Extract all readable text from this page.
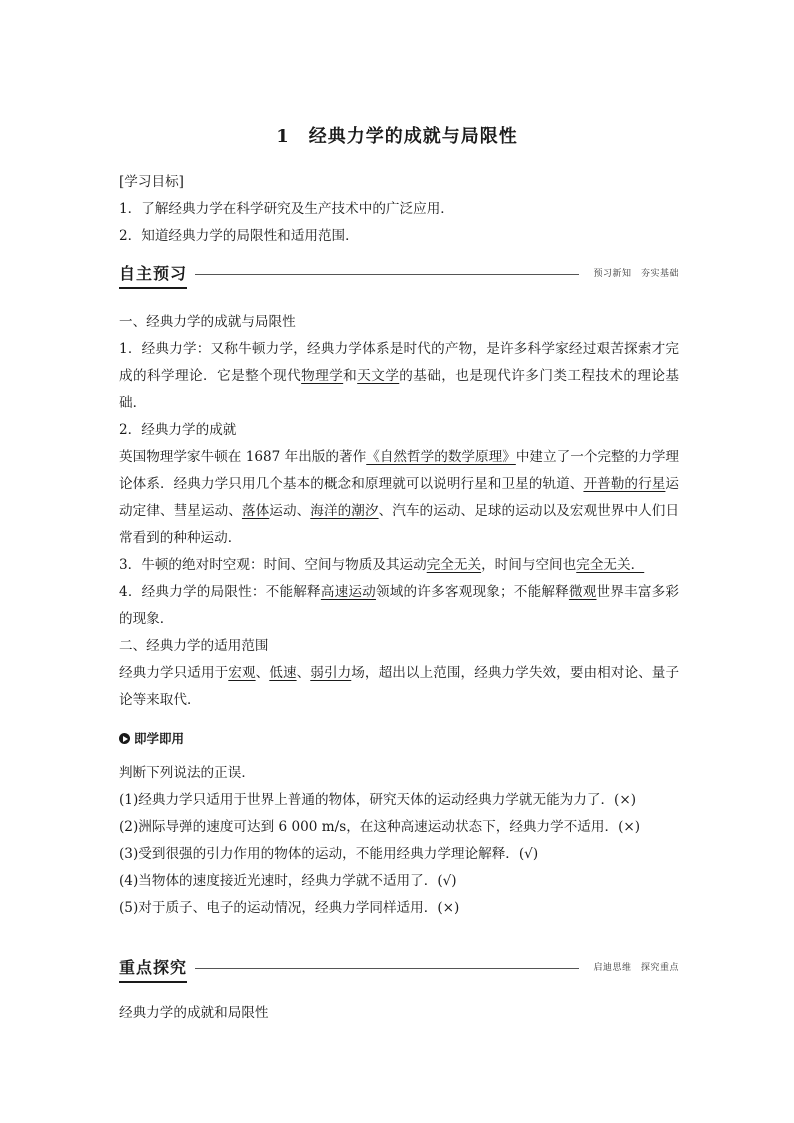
1　经典力学的成就与局限性
[学习目标]
1．了解经典力学在科学研究及生产技术中的广泛应用．
2．知道经典力学的局限性和适用范围．
自主预习	预习新知　夯实基础
一、经典力学的成就与局限性
1．经典力学：又称牛顿力学，经典力学体系是时代的产物，是许多科学家经过艰苦探索才完成的科学理论．它是整个现代物理学和天文学的基础，也是现代许多门类工程技术的理论基础．
2．经典力学的成就
英国物理学家牛顿在 1687 年出版的著作《自然哲学的数学原理》中建立了一个完整的力学理论体系．经典力学只用几个基本的概念和原理就可以说明行星和卫星的轨道、开普勒的行星运动定律、彗星运动、落体运动、海洋的潮汐、汽车的运动、足球的运动以及宏观世界中人们日常看到的种种运动．
3．牛顿的绝对时空观：时间、空间与物质及其运动完全无关，时间与空间也完全无关．
4．经典力学的局限性：不能解释高速运动领域的许多客观现象；不能解释微观世界丰富多彩的现象．
二、经典力学的适用范围
经典力学只适用于宏观、低速、弱引力场，超出以上范围，经典力学失效，要由相对论、量子论等来取代．
即学即用
判断下列说法的正误．
(1)经典力学只适用于世界上普通的物体，研究天体的运动经典力学就无能为力了．(×)
(2)洲际导弹的速度可达到 6 000 m/s，在这种高速运动状态下，经典力学不适用．(×)
(3)受到很强的引力作用的物体的运动，不能用经典力学理论解释．(√)
(4)当物体的速度接近光速时，经典力学就不适用了．(√)
(5)对于质子、电子的运动情况，经典力学同样适用．(×)
重点探究	启迪思维　探究重点
经典力学的成就和局限性
